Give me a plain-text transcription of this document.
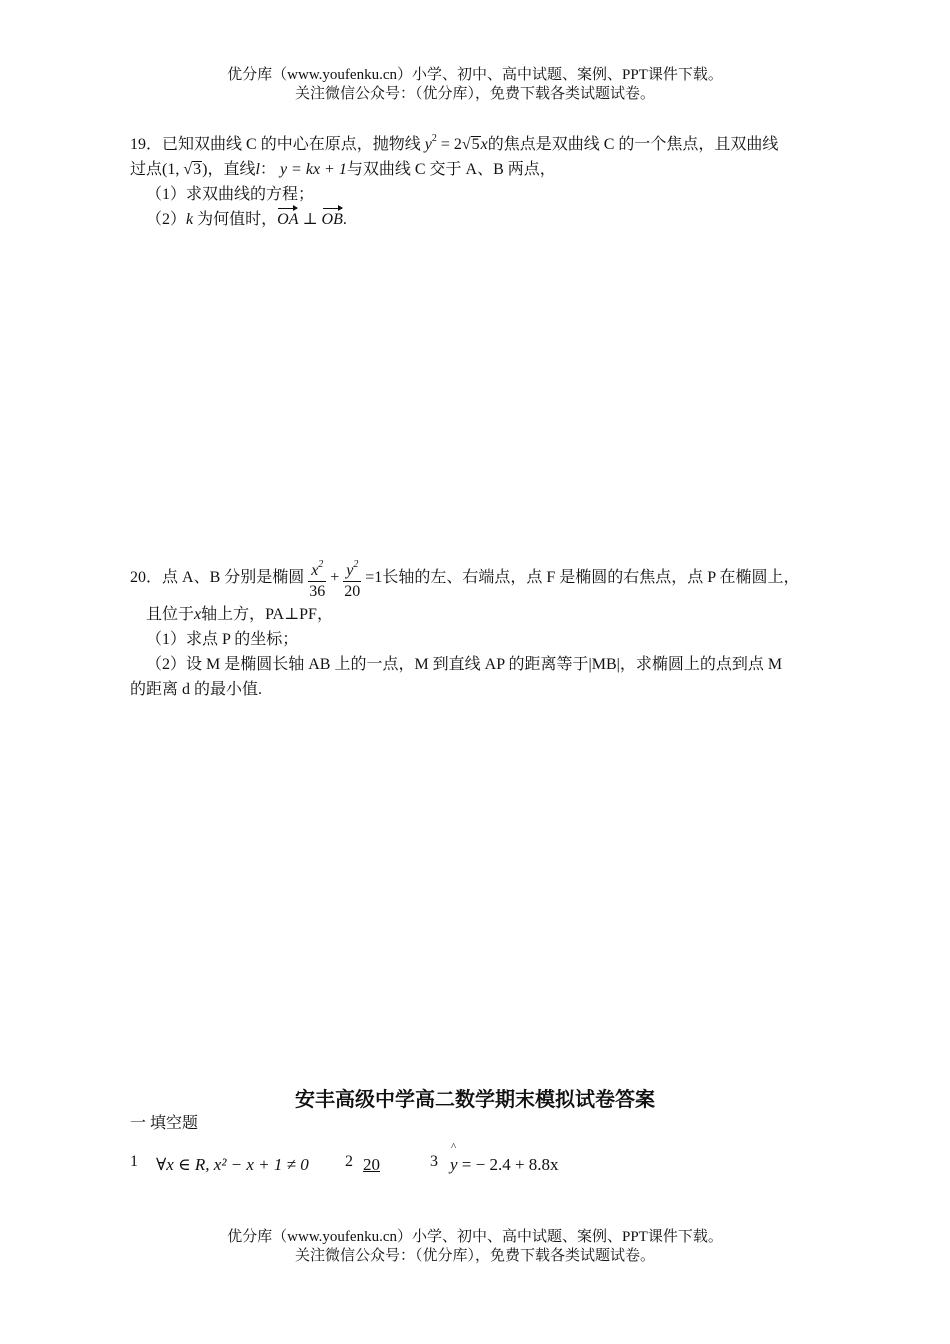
优分库（www.youfenku.cn）小学、初中、高中试题、案例、PPT课件下载。
关注微信公众号：（优分库），免费下载各类试题试卷。
19．已知双曲线 C 的中心在原点，抛物线 $y^2 = 2√5x$的焦点是双曲线 C 的一个焦点，且双曲线
过点(1, √3)，直线l： y = kx + 1与双曲线 C 交于 A、B 两点，
（1）求双曲线的方程；
（2）k 为何值时，OA ⊥ OB.
20．点 A、B 分别是椭圆 $\frac{x^2}{36} + \frac{y^2}{20} =1$长轴的左、右端点，点 F 是椭圆的右焦点，点 P 在椭圆上，
且位于x轴上方，PA⊥PF，
（1）求点 P 的坐标；
（2）设 M 是椭圆长轴 AB 上的一点，M 到直线 AP 的距离等于|MB|，求椭圆上的点到点 M
的距离 d 的最小值.
安丰高级中学高二数学期末模拟试卷答案
一 填空题
1 ∀x ∈ R, x² − x + 1 ≠ 0 2 20	3
^ y = − 2.4 + 8.8x
优分库（www.youfenku.cn）小学、初中、高中试题、案例、PPT课件下载。
关注微信公众号：（优分库），免费下载各类试题试卷。
